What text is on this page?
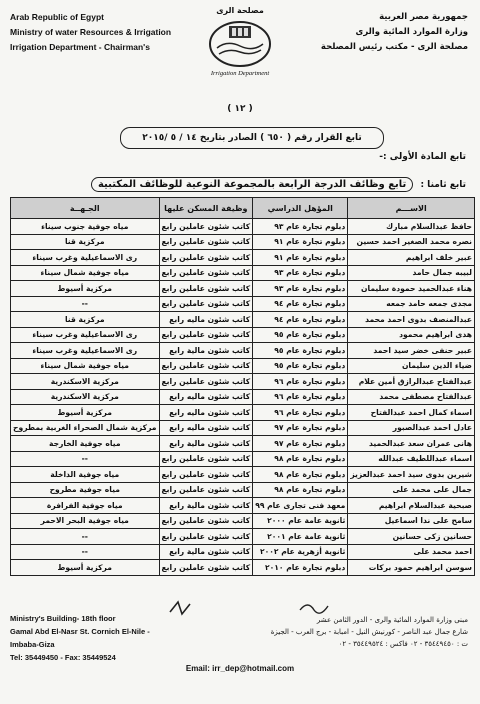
Arab Republic of Egypt
Ministry of water Resources & Irrigation
Irrigation Department - Chairman's
مصلحة الرى
Irrigation Department
جمهورية مصر العربية
وزارة الموارد المائية والرى
مصلحة الرى - مكتب رئيس المصلحة
( ١٢ )
تابع القرار رقم ( ٦٥٠ ) الصادر بتاريخ ١٤ / ٥ /٢٠١٥
تابع المادة الأولى :-
تابع ثامنا : تابع وظائف الدرجة الرابعة بالمجموعة النوعية للوظائف المكتبية
الاســـم	المؤهل الدراسي	وظيفة المسكن عليها	الجـهــة
حافظ عبدالسلام مبارك	دبلوم تجارة عام ٩٣	كاتب شئون عاملين رابع	مياه جوفية جنوب سيناء
نصره محمد الصغير احمد حسين	دبلوم تجارة عام ٩١	كاتب شئون عاملين رابع	مركزية قنا
عبير خلف ابراهيم	دبلوم تجارة عام ٩١	كاتب شئون عاملين رابع	رى الاسماعيلية وغرب سيناء
لبيبه جمال حامد	دبلوم تجارة عام ٩٣	كاتب شئون عاملين رابع	مياه جوفية شمال سيناء
هناء عبدالحميد حمودة سليمان	دبلوم تجارة عام ٩٣	كاتب شئون عاملين رابع	مركزية أسيوط
مجدى جمعه حامد جمعه	دبلوم تجارة عام ٩٤	كاتب شئون عاملين رابع	--
عبدالمنصف بدوى احمد محمد	دبلوم تجارة عام ٩٤	كاتب شئون ماليه رابع	مركزية قنا
هدى ابراهيم محمود	دبلوم تجارة عام ٩٥	كاتب شئون عاملين رابع	رى الاسماعيلية وغرب سيناء
عبير حنفى خضر سيد احمد	دبلوم تجارة عام ٩٥	كاتب شئون مالية رابع	رى الاسماعيلية وغرب سيناء
ضياء الدين سليمان	دبلوم تجارة عام ٩٥	كاتب شئون عاملين رابع	مياه جوفية شمال سيناء
عبدالفتاح عبدالرازق أمين علام	دبلوم تجارة عام ٩٦	كاتب شئون عاملين رابع	مركزية الاسكندرية
عبدالفتاح مصطفى محمد	دبلوم تجارة عام ٩٦	كاتب شئون ماليه رابع	مركزية الاسكندرية
اسماء كمال احمد عبدالفتاح	دبلوم تجارة عام ٩٦	كاتب شئون ماليه رابع	مركزية أسيوط
عادل احمد عبدالصبور	دبلوم تجارة عام ٩٧	كاتب شئون ماليه رابع	مركزية شمال الصحراء الغربية بمطروح
هانى عمران سعد عبدالحميد	دبلوم تجارة عام ٩٧	كاتب شئون مالية رابع	مياه جوفية الخارجة
اسماء عبداللطيف عبدالله	دبلوم تجارة عام ٩٨	كاتب شئون عاملين رابع	--
شيرين بدوى سيد احمد عبدالعزيز	دبلوم تجارة عام ٩٨	كاتب شئون عاملين رابع	مياه جوفية الداخلة
جمال على محمد على	دبلوم تجارة عام ٩٨	كاتب شئون عاملين رابع	مياه جوفية مطروح
صبحية عبدالسلام ابراهيم	معهد فنى تجارى عام ٩٩	كاتب شئون مالية رابع	مياه جوفية الفرافرة
سامح على ندا اسماعيل	ثانوية عامة عام ٢٠٠٠	كاتب شئون عاملين رابع	مياه جوفية البحر الاحمر
حسانين زكى حسانين	ثانوية عامة عام ٢٠٠١	كاتب شئون عاملين رابع	--
احمد محمد على	ثانوية أزهرية عام ٢٠٠٢	كاتب شئون مالية رابع	--
سوسن ابراهيم حمود بركات	دبلوم تجارة عام ٢٠١٠	كاتب شئون عاملين رابع	مركزية أسيوط
Ministry's Building- 18th floor
Gamal Abd El-Nasr St. Cornich El-Nile -
Imbaba-Giza
Tel: 35449450 - Fax: 35449524
مبنى وزارة الموارد المائية والرى - الدور الثامن عشر
شارع جمال عبد الناصر - كورنيش النيل - امبابة - برج العرب - الجيزة
ت : ٣٥٤٤٩٤٥٠ - ٠٢ فاكس : ٣٥٤٤٩٥٢٤ - ٠٢
Email: irr_dep@hotmail.com
